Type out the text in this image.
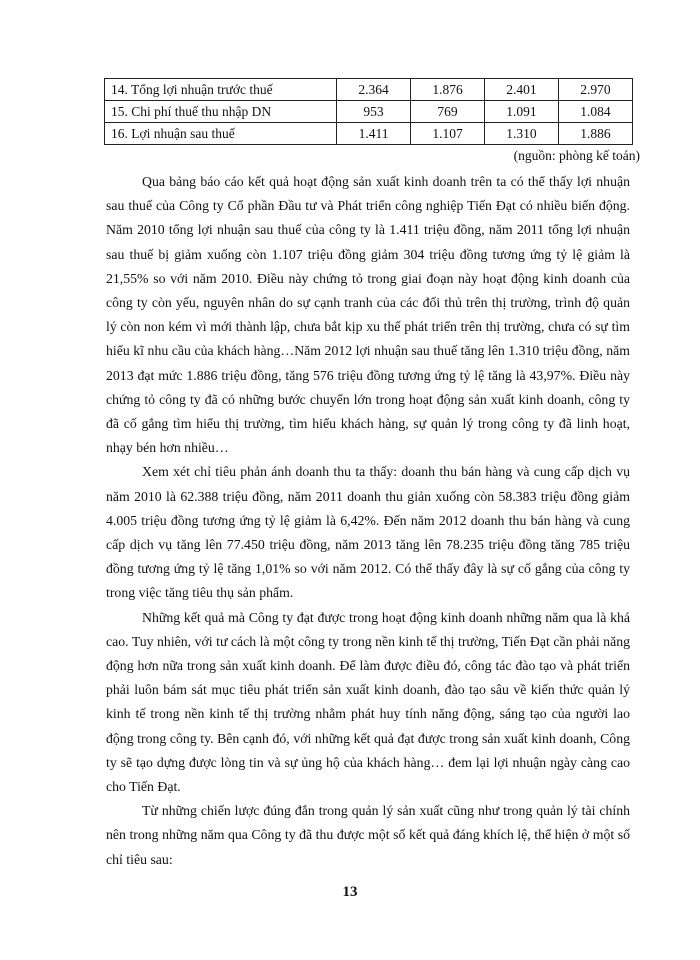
14. Tổng lợi nhuận trước thuế	2.364	1.876	2.401	2.970
15. Chi phí thuế thu nhập DN	953	769	1.091	1.084
16. Lợi nhuận sau thuế	1.411	1.107	1.310	1.886
(nguồn: phòng kế toán)

Qua bảng báo cáo kết quả hoạt động sản xuất kinh doanh trên ta có thể thấy lợi nhuận sau thuế của Công ty Cổ phần Đầu tư và Phát triển công nghiệp Tiến Đạt có nhiều biến động. Năm 2010 tổng lợi nhuận sau thuế của công ty là 1.411 triệu đồng, năm 2011 tổng lợi nhuận sau thuế bị giảm xuống còn 1.107 triệu đồng giảm 304 triệu đồng tương ứng tỷ lệ giảm là 21,55% so với năm 2010. Điều này chứng tỏ trong giai đoạn này hoạt động kinh doanh của công ty còn yếu, nguyên nhân do sự cạnh tranh của các đối thủ trên thị trường, trình độ quản lý còn non kém vì mới thành lập, chưa bắt kịp xu thế phát triển trên thị trường, chưa có sự tìm hiểu kĩ nhu cầu của khách hàng…Năm 2012 lợi nhuận sau thuế tăng lên 1.310 triệu đồng, năm 2013 đạt mức 1.886 triệu đồng, tăng 576 triệu đồng tương ứng tỷ lệ tăng là 43,97%. Điều này chứng tỏ công ty đã có những bước chuyển lớn trong hoạt động sản xuất kinh doanh, công ty đã cố gắng tìm hiểu thị trường, tìm hiểu khách hàng, sự quản lý trong công ty đã linh hoạt, nhạy bén hơn nhiều…

Xem xét chỉ tiêu phản ánh doanh thu ta thấy: doanh thu bán hàng và cung cấp dịch vụ năm 2010 là 62.388 triệu đồng, năm 2011 doanh thu giản xuống còn 58.383 triệu đồng giảm 4.005 triệu đồng tương ứng tỷ lệ giảm là 6,42%. Đến năm 2012 doanh thu bán hàng và cung cấp dịch vụ tăng lên 77.450 triệu đồng, năm 2013 tăng lên 78.235 triệu đồng tăng 785 triệu đồng tương ứng tỷ lệ tăng 1,01% so với năm 2012. Có thể thấy đây là sự cố gắng của công ty trong việc tăng tiêu thụ sản phẩm.

Những kết quả mà Công ty đạt được trong hoạt động kinh doanh những năm qua là khá cao. Tuy nhiên, với tư cách là một công ty trong nền kinh tế thị trường, Tiến Đạt cần phải năng động hơn nữa trong sản xuất kinh doanh. Để làm được điều đó, công tác đào tạo và phát triển phải luôn bám sát mục tiêu phát triển sản xuất kinh doanh, đào tạo sâu về kiến thức quản lý kinh tế trong nền kinh tế thị trường nhằm phát huy tính năng động, sáng tạo của người lao động trong công ty. Bên cạnh đó, với những kết quả đạt được trong sản xuất kinh doanh, Công ty sẽ tạo dựng được lòng tin và sự ủng hộ của khách hàng… đem lại lợi nhuận ngày càng cao cho Tiến Đạt.

Từ những chiến lược đúng đắn trong quản lý sản xuất cũng như trong quản lý tài chính nên trong những năm qua Công ty đã thu được một số kết quả đáng khích lệ, thể hiện ở một số chỉ tiêu sau:

13
